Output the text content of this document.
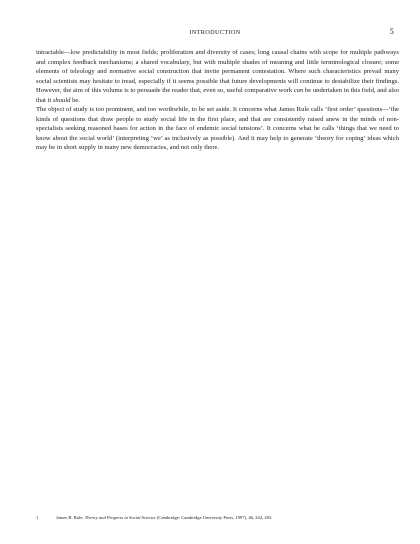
INTRODUCTION	5

intractable—low predictability in most fields; proliferation and diversity of cases; long causal chains with scope for multiple pathways and complex feedback mechanisms; a shared vocabulary, but with multiple shades of meaning and little terminological closure; some elements of teleology and normative social construction that invite permanent contestation. Where such characteristics prevail many social scientists may hesitate to tread, especially if it seems possible that future developments will continue to destabilize their findings. However, the aim of this volume is to persuade the reader that, even so, useful comparative work can be undertaken in this field, and also that it should be.

The object of study is too prominent, and too worthwhile, to be set aside. It concerns what James Rule calls ‘first order’ questions—‘the kinds of questions that draw people to study social life in the first place, and that are consistently raised anew in the minds of non-specialists seeking reasoned bases for action in the face of endemic social tensions’. It concerns what he calls ‘things that we need to know about the social world’ (interpreting ‘we’ as inclusively as possible). And it may help to generate ‘theory for coping’ ideas which may be in short supply in many new democracies, and not only there.

1	James B. Rule, Theory and Progress in Social Science (Cambridge: Cambridge University Press, 1997), 46, 242, 203.
